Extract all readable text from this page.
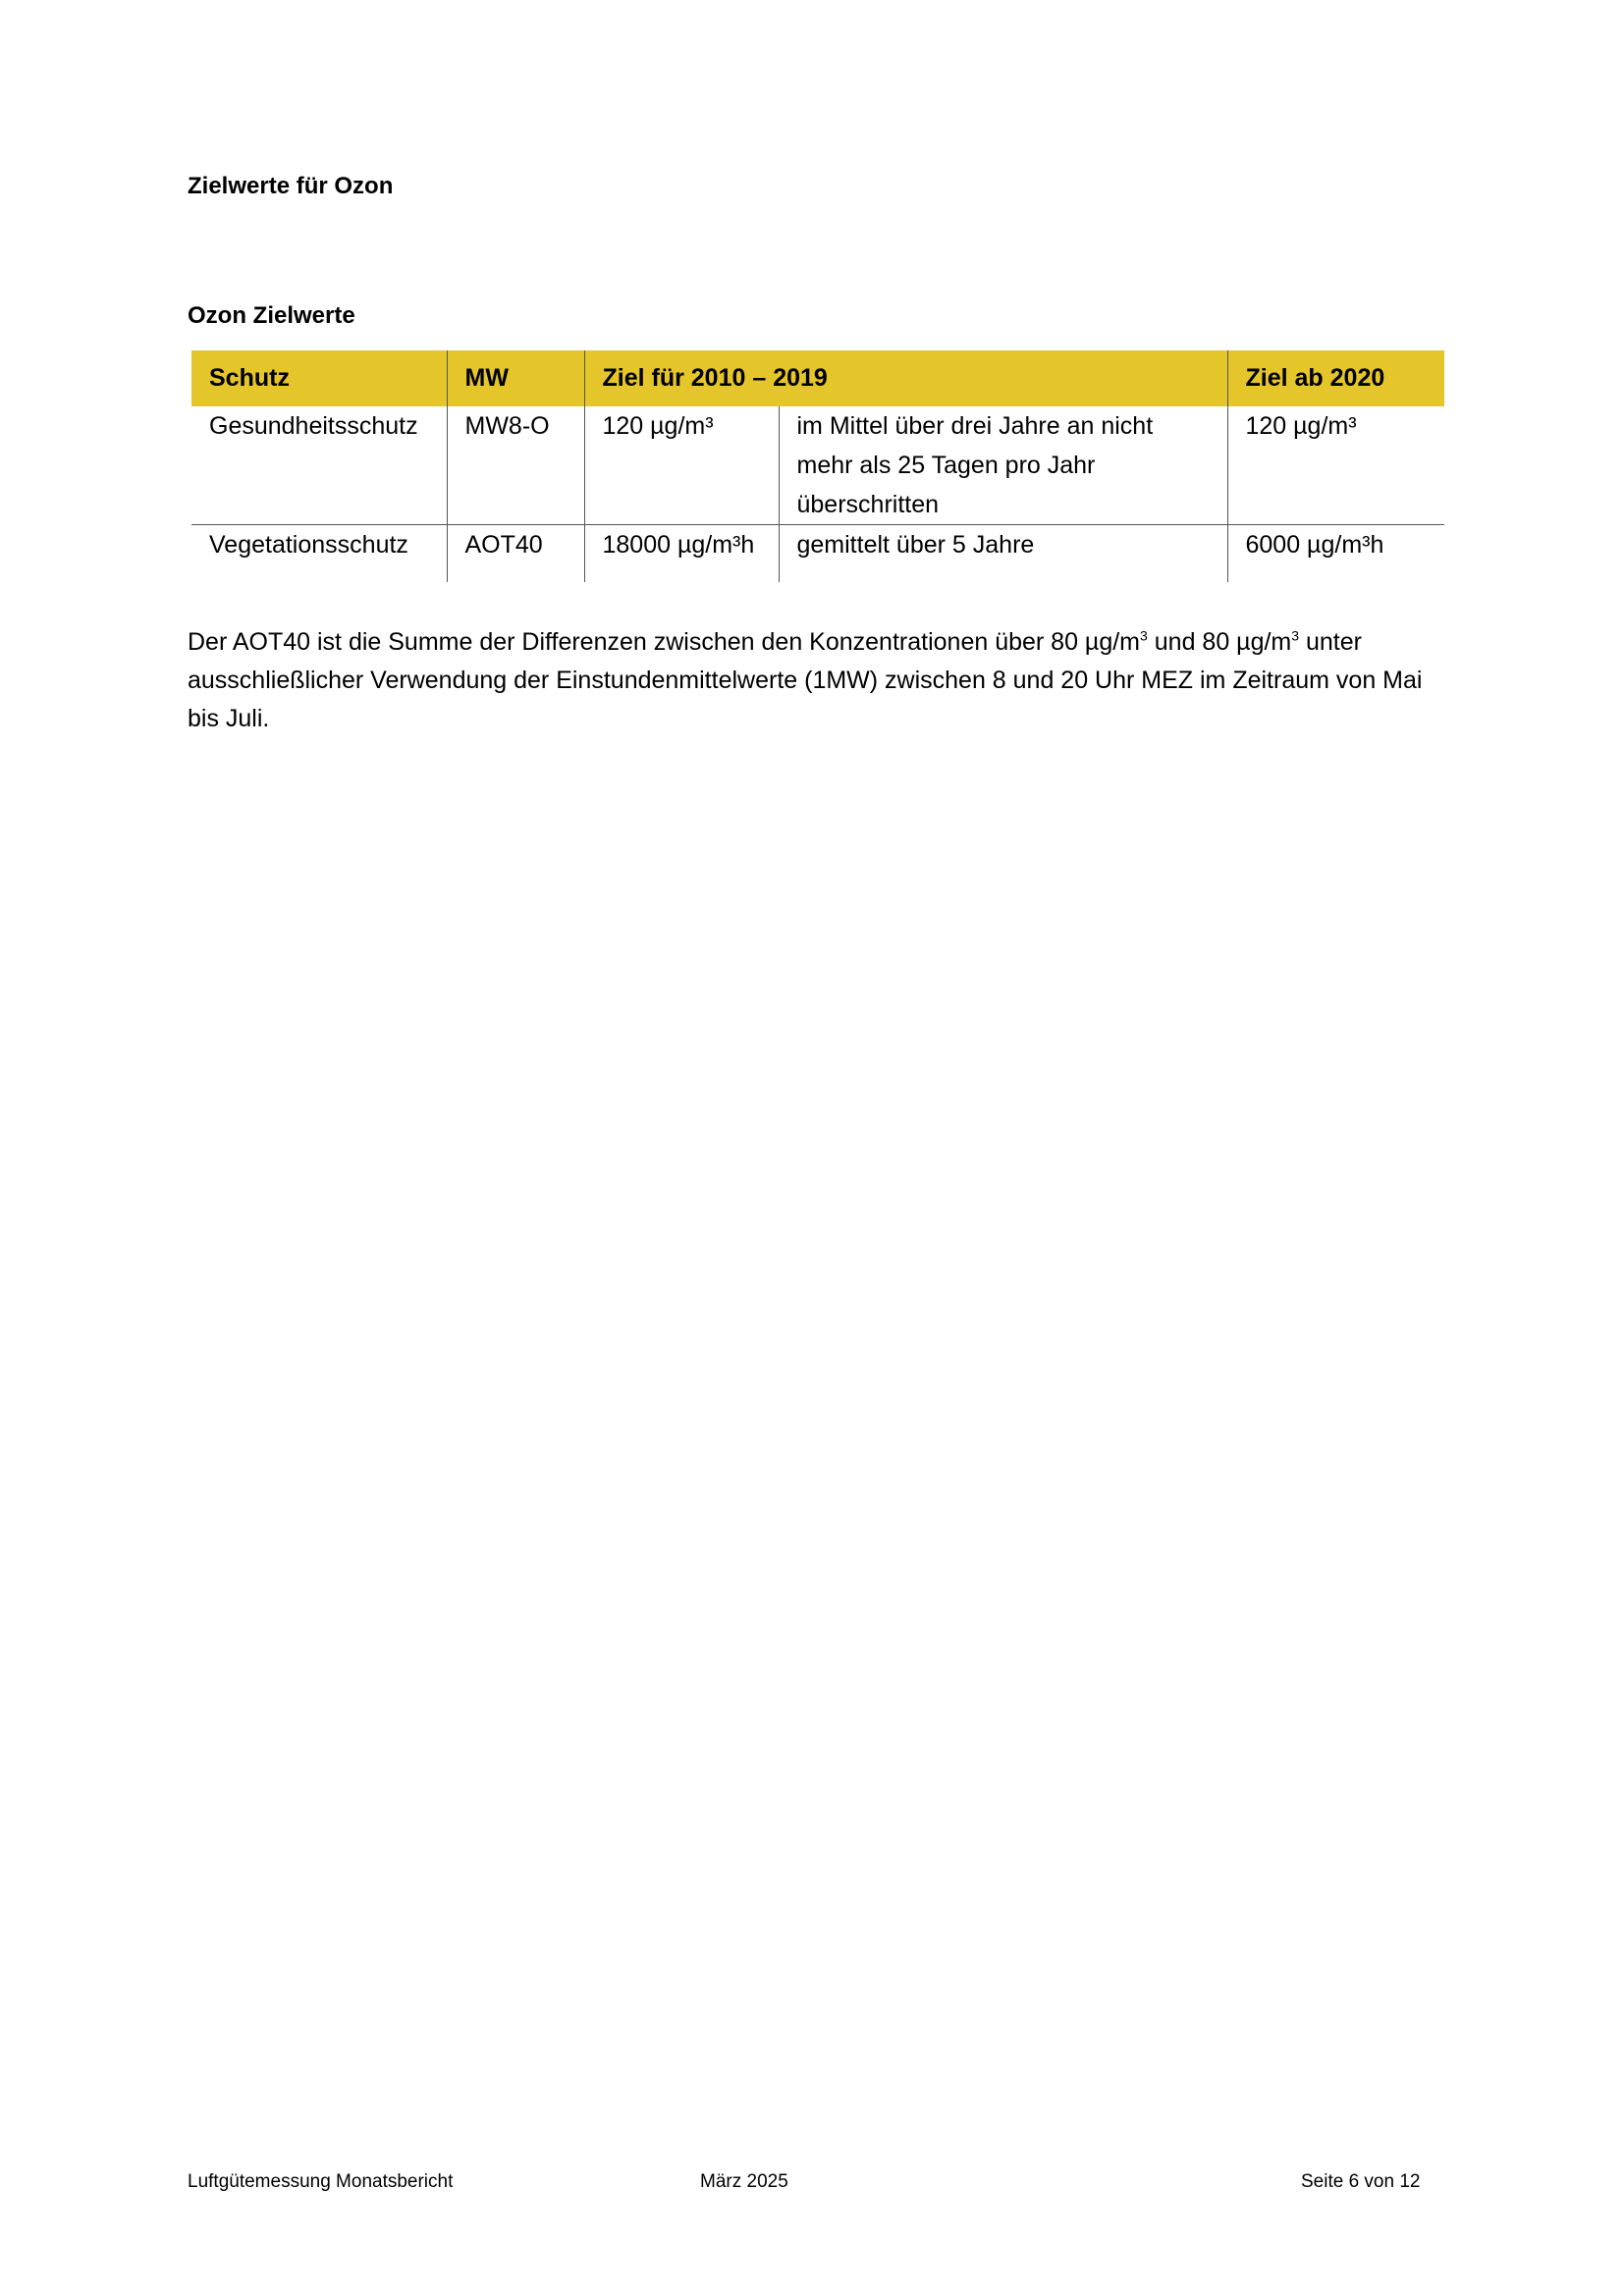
Zielwerte für Ozon
Ozon Zielwerte
Schutz	MW	Ziel für 2010 – 2019		Ziel ab 2020
Gesundheitsschutz	MW8-O	120 µg/m³	im Mittel über drei Jahre an nicht mehr als 25 Tagen pro Jahr überschritten	120 µg/m³
Vegetationsschutz	AOT40	18000 µg/m³h	gemittelt über 5 Jahre	6000 µg/m³h

Der AOT40 ist die Summe der Differenzen zwischen den Konzentrationen über 80 $\mu g/m^3$ und 80 $\mu g/m^3$ unter ausschließlicher Verwendung der Einstundenmittelwerte (1MW) zwischen 8 und 20 Uhr MEZ im Zeitraum von Mai bis Juli.

Luftgütemessung Monatsbericht	März 2025	Seite 6 von 12
